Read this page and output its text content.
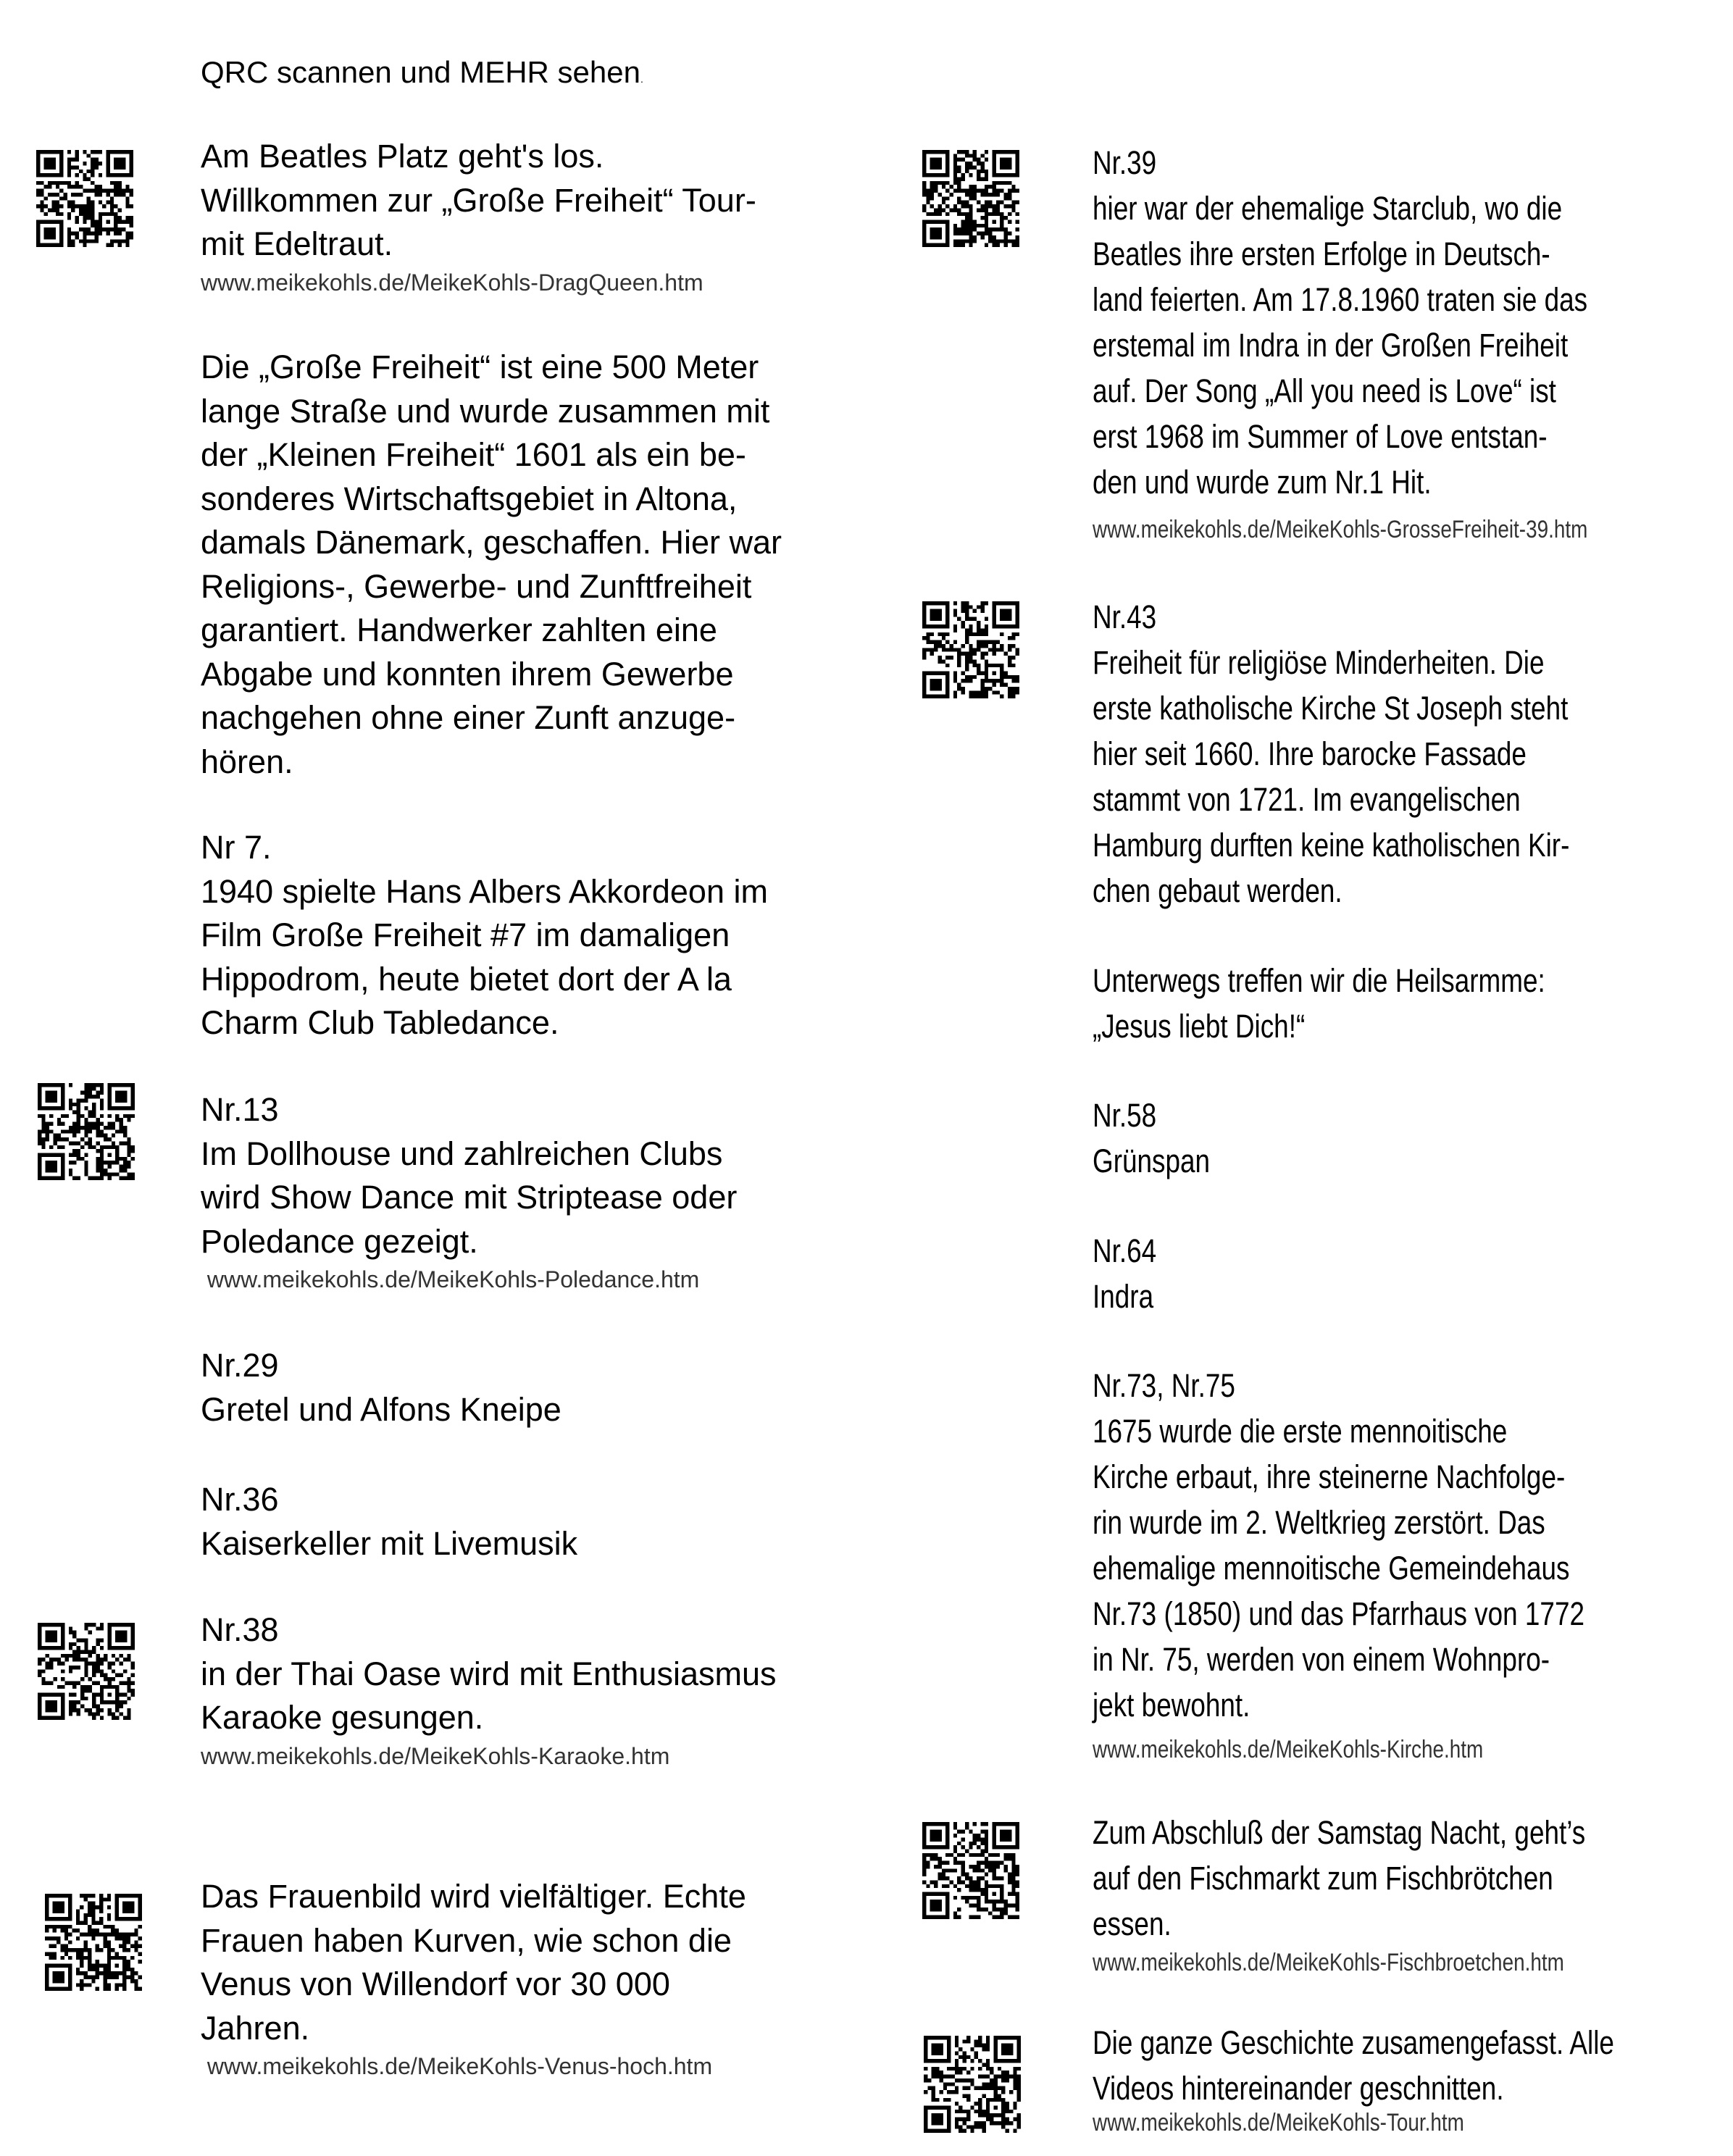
QRC scannen und MEHR sehen.
Am Beatles Platz geht's los.
Willkommen zur „Große Freiheit“ Tour-
mit Edeltraut.
www.meikekohls.de/MeikeKohls-DragQueen.htm
Die „Große Freiheit“ ist eine 500 Meter
lange Straße und wurde zusammen mit
der „Kleinen Freiheit“ 1601 als ein be-
sonderes Wirtschaftsgebiet in Altona,
damals Dänemark, geschaffen. Hier war
Religions-, Gewerbe- und Zunftfreiheit
garantiert. Handwerker zahlten eine
Abgabe und konnten ihrem Gewerbe
nachgehen ohne einer Zunft anzuge-
hören.
Nr 7.
1940 spielte Hans Albers Akkordeon im
Film Große Freiheit #7 im damaligen
Hippodrom, heute bietet dort der A la
Charm Club Tabledance.
Nr.13
Im Dollhouse und zahlreichen Clubs
wird Show Dance mit Striptease oder
Poledance gezeigt.
www.meikekohls.de/MeikeKohls-Poledance.htm
Nr.29
Gretel und Alfons Kneipe
Nr.36
Kaiserkeller mit Livemusik
Nr.38
in der Thai Oase wird mit Enthusiasmus
Karaoke gesungen.
www.meikekohls.de/MeikeKohls-Karaoke.htm
Das Frauenbild wird vielfältiger. Echte
Frauen haben Kurven, wie schon die
Venus von Willendorf vor 30 000
Jahren.
www.meikekohls.de/MeikeKohls-Venus-hoch.htm
Nr.39
hier war der ehemalige Starclub, wo die
Beatles ihre ersten Erfolge in Deutsch-
land feierten. Am 17.8.1960 traten sie das
erstemal im Indra in der Großen Freiheit
auf. Der Song „All you need is Love“ ist
erst 1968 im Summer of Love entstan-
den und wurde zum Nr.1 Hit.
www.meikekohls.de/MeikeKohls-GrosseFreiheit-39.htm
Nr.43
Freiheit für religiöse Minderheiten. Die
erste katholische Kirche St Joseph steht
hier seit 1660. Ihre barocke Fassade
stammt von 1721. Im evangelischen
Hamburg durften keine katholischen Kir-
chen gebaut werden.
Unterwegs treffen wir die Heilsarmme:
„Jesus liebt Dich!“
Nr.58
Grünspan
Nr.64
Indra
Nr.73, Nr.75
1675 wurde die erste mennoitische
Kirche erbaut, ihre steinerne Nachfolge-
rin wurde im 2. Weltkrieg zerstört. Das
ehemalige mennoitische Gemeindehaus
Nr.73 (1850) und das Pfarrhaus von 1772
in Nr. 75, werden von einem Wohnpro-
jekt bewohnt.
www.meikekohls.de/MeikeKohls-Kirche.htm
Zum Abschluß der Samstag Nacht, geht’s
auf den Fischmarkt zum Fischbrötchen
essen.
www.meikekohls.de/MeikeKohls-Fischbroetchen.htm
Die ganze Geschichte zusamengefasst. Alle
Videos hintereinander geschnitten.
www.meikekohls.de/MeikeKohls-Tour.htm
